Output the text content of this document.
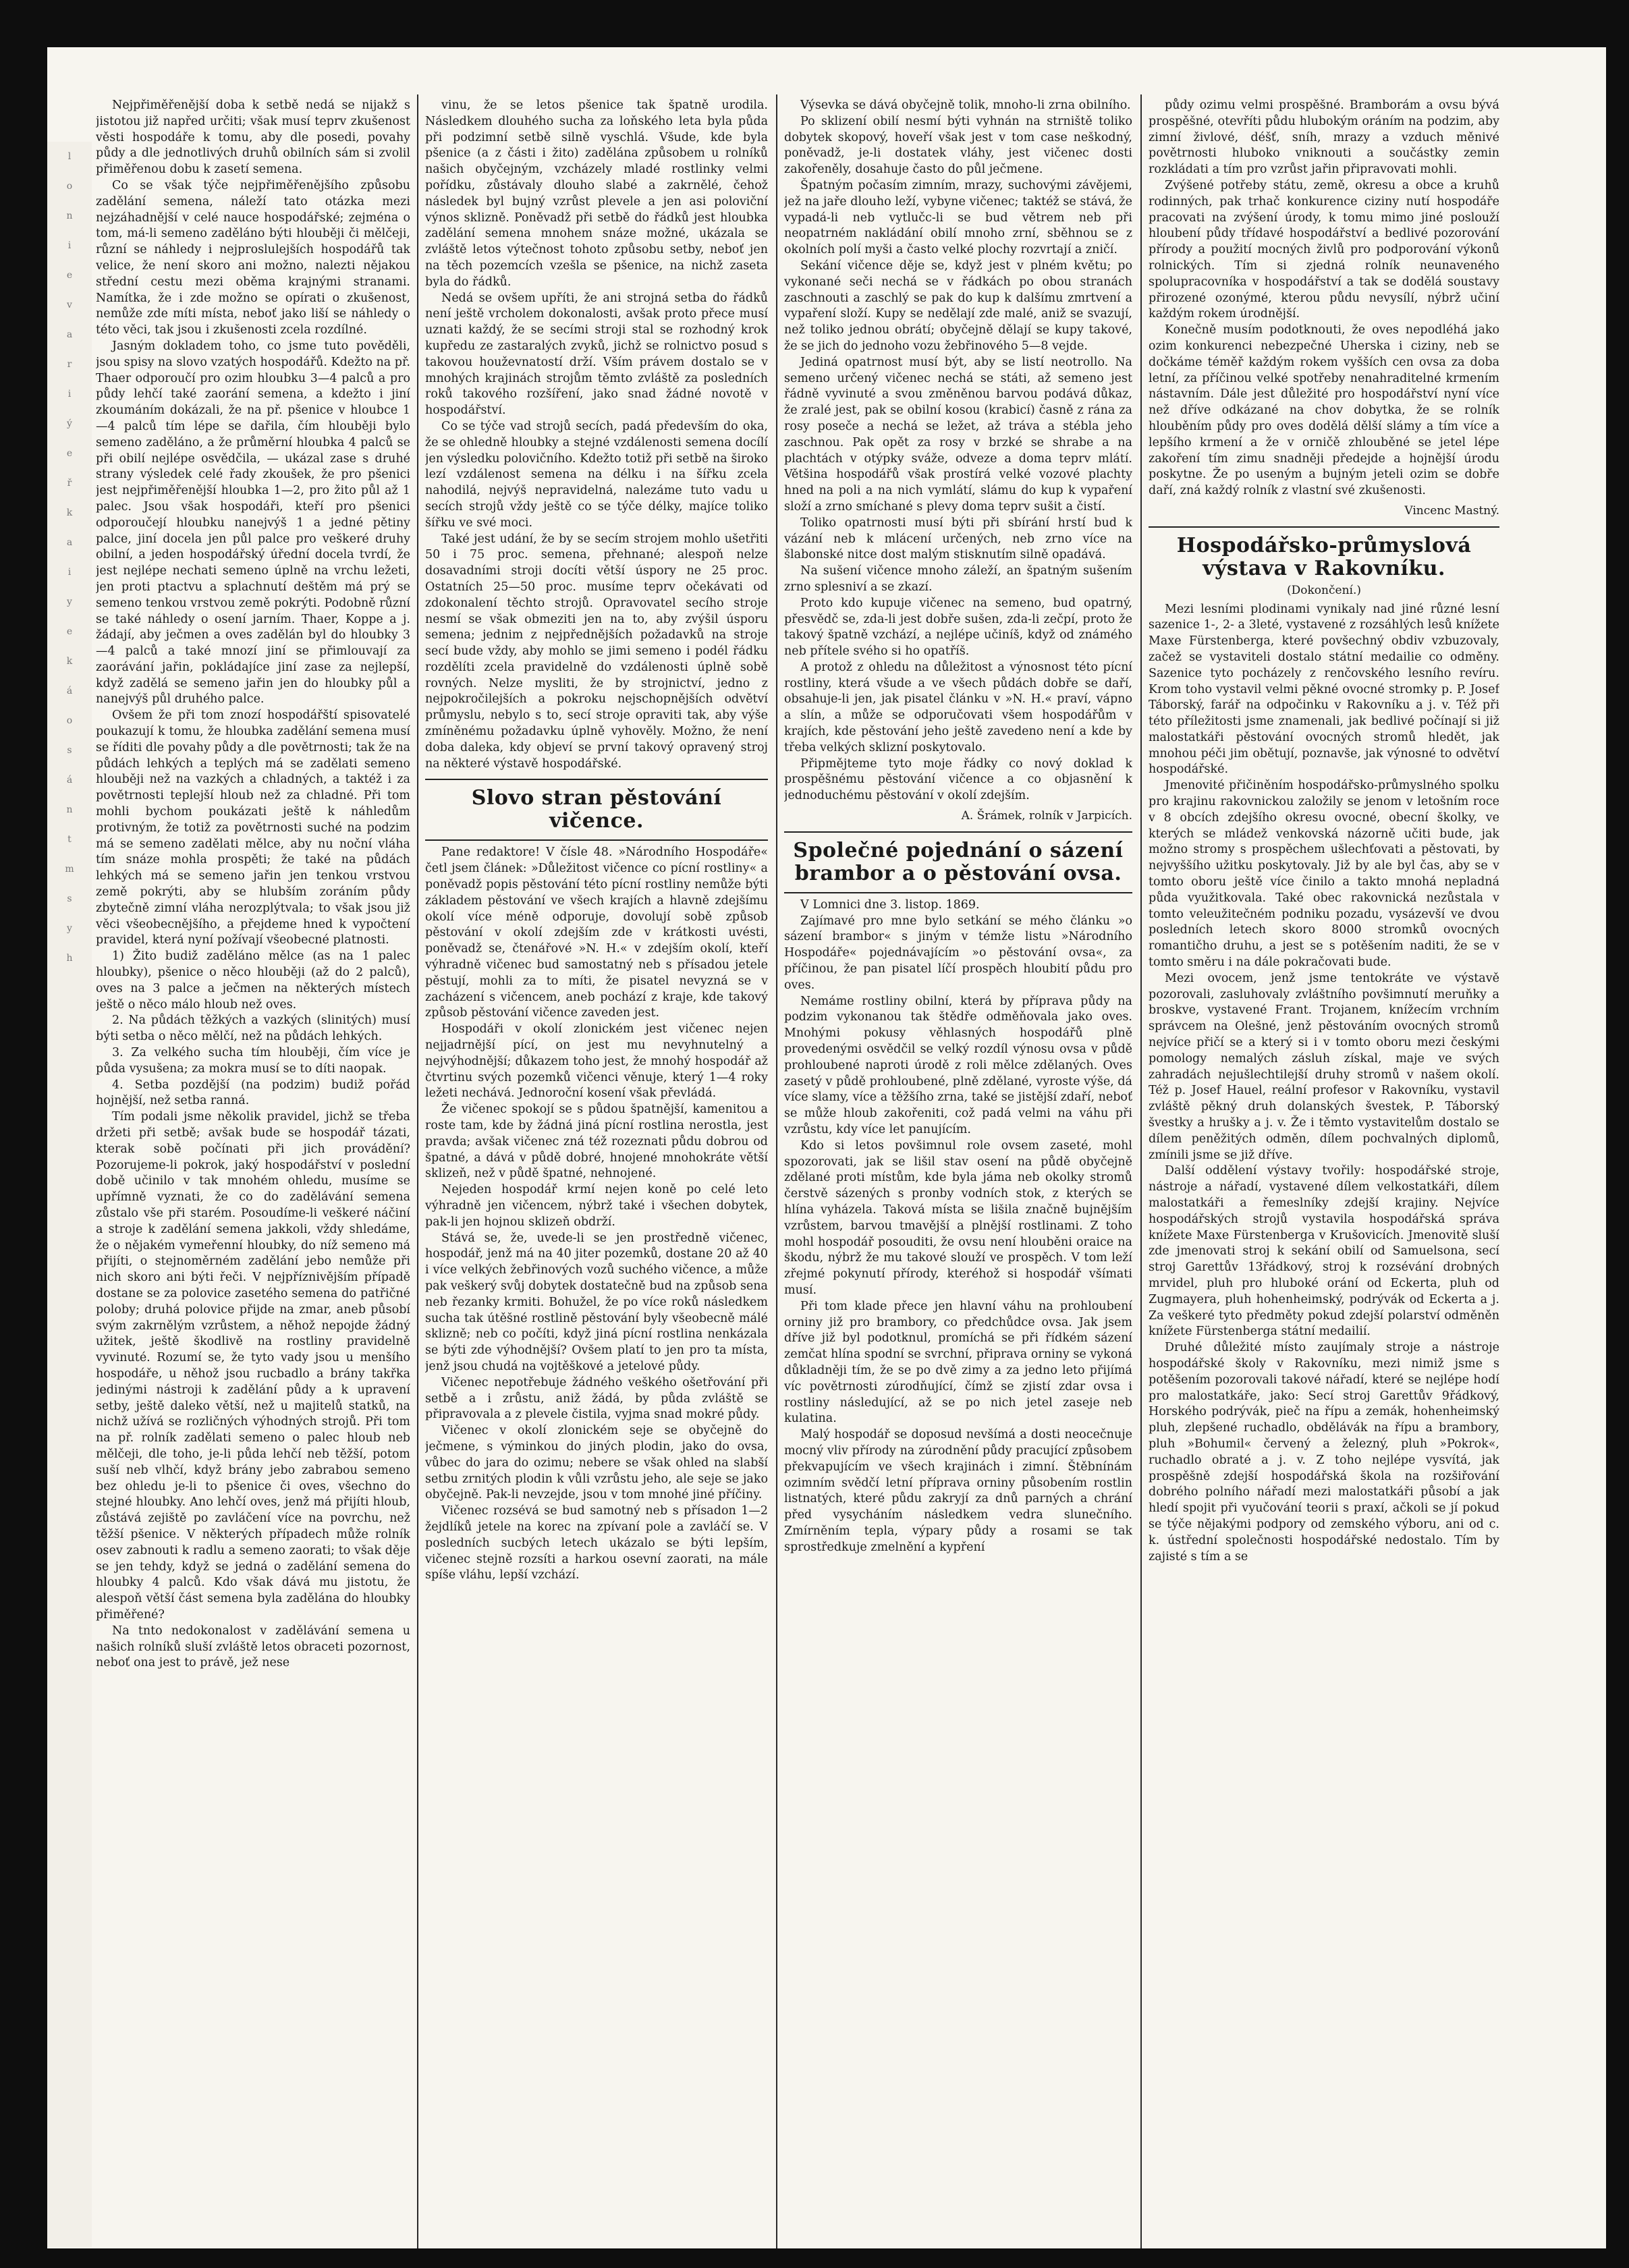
l
o
n
i
e
v
a
r
i
ý
e
ř
k
a
i
y
e
k
á
o
s
á
n
t
m
s
y
h

Nejpřiměřenější doba k setbě nedá se nijakž s jistotou již napřed určiti; však musí teprv zkušenost věsti hospodáře k tomu, aby dle posedi, povahy půdy a dle jednotlivých druhů obilních sám si zvolil přiměřenou dobu k zasetí semena.

Co se však týče nejpřiměřenějšího způsobu zadělání semena, náleží tato otázka mezi nejzáhadnější v celé nauce hospodářské; zejména o tom, má-li semeno zaděláno býti hlouběji či mělčeji, různí se náhledy i nejproslulejších hospodářů tak velice, že není skoro ani možno, nalezti nějakou střední cestu mezi oběma krajnými stranami. Namítka, že i zde možno se opírati o zkušenost, nemůže zde míti místa, neboť jako liší se náhledy o této věci, tak jsou i zkušenosti zcela rozdílné.

Jasným dokladem toho, co jsme tuto pověděli, jsou spisy na slovo vzatých hospodářů. Kdežto na př. Thaer odporoučí pro ozim hloubku 3—4 palců a pro půdy lehčí také zaorání semena, a kdežto i jiní zkoumáním dokázali, že na př. pšenice v hloubce 1—4 palců tím lépe se dařila, čím hlouběji bylo semeno zaděláno, a že průměrní hloubka 4 palců se při obilí nejlépe osvědčila, — ukázal zase s druhé strany výsledek celé řady zkoušek, že pro pšenici jest nejpřiměřenější hloubka 1—2, pro žito půl až 1 palec. Jsou však hospodáři, kteří pro pšenici odporoučejí hloubku nanejvýš 1 a jedné pětiny palce, jiní docela jen půl palce pro veškeré druhy obilní, a jeden hospodářský úřední docela tvrdí, že jest nejlépe nechati semeno úplně na vrchu ležeti, jen proti ptactvu a splachnutí deštěm má prý se semeno tenkou vrstvou země pokrýti. Podobně různí se také náhledy o osení jarním. Thaer, Koppe a j. žádají, aby ječmen a oves zadělán byl do hloubky 3—4 palců a také mnozí jiní se přimlouvají za zaorávání jařin, pokládajíce jiní zase za nejlepší, když zadělá se semeno jařin jen do hloubky půl a nanejvýš půl druhého palce.

Ovšem že při tom znozí hospodářští spisovatelé poukazují k tomu, že hloubka zadělání semena musí se říditi dle povahy půdy a dle povětrnosti; tak že na půdách lehkých a teplých má se zadělati semeno hlouběji než na vazkých a chladných, a taktéž i za povětrnosti teplejší hloub než za chladné. Při tom mohli bychom poukázati ještě k náhledům protivným, že totiž za povětrnosti suché na podzim má se semeno zadělati mělce, aby nu noční vláha tím snáze mohla prospěti; že také na půdách lehkých má se semeno jařin jen tenkou vrstvou země pokrýti, aby se hlubším zoráním půdy zbytečně zimní vláha nerozplýtvala; to však jsou již věci všeobecnějšího, a přejdeme hned k vypočtení pravidel, která nyní požívají všeobecné platnosti.

1) Žito budiž zaděláno mělce (as na 1 palec hloubky), pšenice o něco hlouběji (až do 2 palců), oves na 3 palce a ječmen na některých místech ještě o něco málo hloub než oves.

2. Na půdách těžkých a vazkých (slinitých) musí býti setba o něco mělčí, než na půdách lehkých.

3. Za velkého sucha tím hlouběji, čím více je půda vysušena; za mokra musí se to díti naopak.

4. Setba pozdější (na podzim) budiž pořád hojnější, než setba ranná.

Tím podali jsme několik pravidel, jichž se třeba držeti při setbě; avšak bude se hospodář tázati, kterak sobě počínati při jich provádění? Pozorujeme-li pokrok, jaký hospodářství v poslední době učinilo v tak mnohém ohledu, musíme se upřímně vyznati, že co do zadělávání semena zůstalo vše při starém. Posoudíme-li veškeré náčiní a stroje k zadělání semena jakkoli, vždy shledáme, že o nějakém vymeřenní hloubky, do níž semeno má přijíti, o stejnoměrném zadělání jebo nemůže při nich skoro ani býti řeči. V nejpříznivějším případě dostane se za polovice zasetého semena do patřičné poloby; druhá polovice přijde na zmar, aneb působí svým zakrnělým vzrůstem, a něhož nepojde žádný užitek, ještě škodlivě na rostliny pravidelně vyvinuté. Rozumí se, že tyto vady jsou u menšího hospodáře, u něhož jsou rucbadlo a brány takřka jedinými nástroji k zadělání půdy a k upravení setby, ještě daleko větší, než u majitelů statků, na nichž užívá se rozličných výhodných strojů. Při tom na př. rolník zadělati semeno o palec hloub neb mělčeji, dle toho, je-li půda lehčí neb těžší, potom suší neb vlhčí, když brány jebo zabrabou semeno bez ohledu je-li to pšenice či oves, všechno do stejné hloubky. Ano lehčí oves, jenž má přijíti hloub, zůstává zejiště po zavláčení více na povrchu, než těžší pšenice. V některých případech může rolník osev zabnouti k radlu a semeno zaorati; to však děje se jen tehdy, když se jedná o zadělání semena do hloubky 4 palců. Kdo však dává mu jistotu, že alespoň větší část semena byla zadělána do hloubky přiměřené?

Na tnto nedokonalost v zadělávání semena u našich rolníků sluší zvláště letos obraceti pozornost, neboť ona jest to právě, jež nese

vinu, že se letos pšenice tak špatně urodila. Následkem dlouhého sucha za loňského leta byla půda při podzimní setbě silně vyschlá. Všude, kde byla pšenice (a z části i žito) zadělána způsobem u rolníků našich obyčejným, vzcházely mladé rostlinky velmi pořídku, zůstávaly dlouho slabé a zakrnělé, čehož následek byl bujný vzrůst plevele a jen asi poloviční výnos sklizně. Poněvadž při setbě do řádků jest hloubka zadělání semena mnohem snáze možné, ukázala se zvláště letos výtečnost tohoto způsobu setby, neboť jen na těch pozemcích vzešla se pšenice, na nichž zaseta byla do řádků.

Nedá se ovšem upříti, že ani strojná setba do řádků není ještě vrcholem dokonalosti, avšak proto přece musí uznati každý, že se secími stroji stal se rozhodný krok kupředu ze zastaralých zvyků, jichž se rolnictvo posud s takovou houževnatostí drží. Vším právem dostalo se v mnohých krajinách strojům těmto zvláště za posledních roků takového rozšíření, jako snad žádné novotě v hospodářství.

Co se týče vad strojů secích, padá především do oka, že se ohledně hloubky a stejné vzdálenosti semena docílí jen výsledku polovičního. Kdežto totiž při setbě na široko lezí vzdálenost semena na délku i na šířku zcela nahodilá, nejvýš nepravidelná, nalezáme tuto vadu u secích strojů vždy ještě co se týče délky, majíce toliko šířku ve své moci.

Také jest udání, že by se secím strojem mohlo ušetřiti 50 i 75 proc. semena, přehnané; alespoň nelze dosavadními stroji docíti větší úspory ne 25 proc. Ostatních 25—50 proc. musíme teprv očekávati od zdokonalení těchto strojů. Opravovatel secího stroje nesmí se však obmeziti jen na to, aby zvýšil úsporu semena; jednim z nejpřednějších požadavků na stroje secí bude vždy, aby mohlo se jimi semeno i podél řádku rozdělíti zcela pravidelně do vzdálenosti úplně sobě rovných. Nelze mysliti, že by strojnictví, jedno z nejpokročilejších a pokroku nejschopnějších odvětví průmyslu, nebylo s to, secí stroje opraviti tak, aby výše zmíněnému požadavku úplně vyhověly. Možno, že není doba daleka, kdy objeví se první takový opravený stroj na některé výstavě hospodářské.

Slovo stran pěstování vičence.

Pane redaktore! V čísle 48. »Národního Hospodáře« četl jsem článek: »Důležitost vičence co pícní rostliny« a poněvadž popis pěstování této pícní rostliny nemůže býti základem pěstování ve všech krajích a hlavně zdejšímu okolí více méně odporuje, dovolují sobě způsob pěstování v okolí zdejším zde v krátkosti uvésti, poněvadž se, čtenářové »N. H.« v zdejším okolí, kteří výhradně vičenec bud samostatný neb s přísadou jetele pěstují, mohli za to míti, že pisatel nevyzná se v zacházení s vičencem, aneb pochází z kraje, kde takový způsob pěstování vičence zaveden jest.

Hospodáři v okolí zlonickém jest vičenec nejen nejjadrnější pící, on jest mu nevyhnutelný a nejvýhodnější; důkazem toho jest, že mnohý hospodář až čtvrtinu svých pozemků vičenci věnuje, který 1—4 roky ležeti nechává. Jednoroční kosení však převládá.

Že vičenec spokojí se s půdou špatnější, kamenitou a roste tam, kde by žádná jiná pícní rostlina nerostla, jest pravda; avšak vičenec zná též rozeznati půdu dobrou od špatné, a dává v půdě dobré, hnojené mnohokráte větší sklizeň, než v půdě špatné, nehnojené.

Nejeden hospodář krmí nejen koně po celé leto výhradně jen vičencem, nýbrž také i všechen dobytek, pak-li jen hojnou sklizeň obdrží.

Stává se, že, uvede-li se jen prostředně vičenec, hospodář, jenž má na 40 jiter pozemků, dostane 20 až 40 i více velkých žebřinových vozů suchého vičence, a může pak veškerý svůj dobytek dostatečně bud na způsob sena neb řezanky krmiti. Bohužel, že po více roků následkem sucha tak útěšné rostlině pěstování byly všeobecně málé sklizně; neb co počíti, když jiná pícní rostlina nenkázala se býti zde výhodnější? Ovšem platí to jen pro ta místa, jenž jsou chudá na vojtěškové a jetelové půdy.

Vičenec nepotřebuje žádného veškého ošetřování při setbě a i zrůstu, aniž žádá, by půda zvláště se připravovala a z plevele čistila, vyjma snad mokré půdy.

Vičenec v okolí zlonickém seje se obyčejně do ječmene, s výminkou do jiných plodin, jako do ovsa, vůbec do jara do ozimu; nebere se však ohled na slabší setbu zrnitých plodin k vůli vzrůstu jeho, ale seje se jako obyčejně. Pak-li nevzejde, jsou v tom mnohé jiné příčiny.

Vičenec rozsévá se bud samotný neb s přísadon 1—2 žejdlíků jetele na korec na zpívaní pole a zavláčí se. V posledních sucbých letech ukázalo se býti lepším, vičenec stejně rozsíti a harkou osevní zaorati, na mále spíše vláhu, lepší vzchází.

Výsevka se dává obyčejně tolik, mnoho-li zrna obilního.

Po sklizení obilí nesmí býti vyhnán na strniště toliko dobytek skopový, hoveří však jest v tom case neškodný, poněvadž, je-li dostatek vláhy, jest vičenec dosti zakořeněly, dosahuje často do půl ječmene.

Špatným počasím zimním, mrazy, suchovými závějemi, jež na jaře dlouho leží, vybyne vičenec; taktéž se stává, že vypadá-li neb vytlučc-li se bud větrem neb při neopatrném nakládání obilí mnoho zrní, sběhnou se z okolních polí myši a často velké plochy rozvrtají a zničí.

Sekání vičence děje se, když jest v plném květu; po vykonané seči nechá se v řádkách po obou stranách zaschnouti a zaschlý se pak do kup k dalšímu zmrtvení a vypaření složí. Kupy se nedělají zde malé, aniž se svazují, než toliko jednou obrátí; obyčejně dělají se kupy takové, že se jich do jednoho vozu žebřinového 5—8 vejde.

Jediná opatrnost musí být, aby se listí neotrollo. Na semeno určený vičenec nechá se státi, až semeno jest řádně vyvinuté a svou změněnou barvou podává důkaz, že zralé jest, pak se obilní kosou (krabicí) časně z rána za rosy poseče a nechá se ležet, až tráva a stébla jeho zaschnou. Pak opět za rosy v brzké se shrabe a na plachtách v otýpky sváže, odveze a doma teprv mlátí. Většina hospodářů však prostírá velké vozové plachty hned na poli a na nich vymlátí, slámu do kup k vypaření složí a zrno smíchané s plevy doma teprv sušit a čistí.

Toliko opatrnosti musí býti při sbírání hrstí bud k vázání neb k mlácení určených, neb zrno více na šlabonské nitce dost malým stisknutím silně opadává.

Na sušení vičence mnoho záleží, an špatným sušením zrno splesniví a se zkazí.

Proto kdo kupuje vičenec na semeno, bud opatrný, přesvědč se, zda-li jest dobře sušen, zda-li zečpí, proto že takový špatně vzchází, a nejlépe učiníš, když od známého neb přítele svého si ho opatříš.

A protož z ohledu na důležitost a výnosnost této pícní rostliny, která všude a ve všech půdách dobře se daří, obsahuje-li jen, jak pisatel článku v »N. H.« praví, vápno a slín, a může se odporučovati všem hospodářům v krajích, kde pěstování jeho ještě zavedeno není a kde by třeba velkých sklizní poskytovalo.

Připmějteme tyto moje řádky co nový doklad k prospěšnému pěstování vičence a co objasnění k jednoduchému pěstování v okolí zdejším.

A. Šrámek, rolník v Jarpicích.

Společné pojednání o sázení brambor a o pěstování ovsa.

V Lomnici dne 3. listop. 1869.

Zajímavé pro mne bylo setkání se mého článku »o sázení brambor« s jiným v témže listu »Národního Hospodáře« pojednávajícím »o pěstování ovsa«, za příčinou, že pan pisatel líčí prospěch hloubití půdu pro oves.

Nemáme rostliny obilní, která by příprava půdy na podzim vykonanou tak štědře odměňovala jako oves. Mnohými pokusy věhlasných hospodářů plně provedenými osvědčil se velký rozdíl výnosu ovsa v půdě prohloubené naproti úrodě z roli mělce zdělaných. Oves zasetý v půdě prohloubené, plně zdělané, vyroste výše, dá více slamy, více a těžšího zrna, také se jistější zdaří, neboť se může hloub zakořeniti, což padá velmi na váhu při vzrůstu, kdy více let panujícím.

Kdo si letos povšimnul role ovsem zaseté, mohl spozorovati, jak se lišil stav osení na půdě obyčejně zdělané proti místům, kde byla jáma neb okolky stromů čerstvě sázených s pronby vodních stok, z kterých se hlína vyházela. Taková místa se lišila značně bujnějším vzrůstem, barvou tmavější a plnější rostlinami. Z toho mohl hospodář posouditi, že ovsu není hlouběni oraice na škodu, nýbrž že mu takové slouží ve prospěch. V tom leží zřejmé pokynutí přírody, kteréhož si hospodář všímati musí.

Při tom klade přece jen hlavní váhu na prohloubení orniny již pro brambory, co předchůdce ovsa. Jak jsem dříve již byl podotknul, promíchá se při řídkém sázení zemčat hlína spodní se svrchní, připrava orniny se vykoná důkladněji tím, že se po dvě zimy a za jedno leto přijímá víc povětrnosti zúrodňující, čímž se zjistí zdar ovsa i rostliny následující, až se po nich jetel zaseje neb kulatina.

Malý hospodář se doposud nevšímá a dosti neocečnuje mocný vliv přírody na zúrodnění půdy pracující způsobem překvapujícím ve všech krajinách i zimní. Štěbnínám ozimním svědčí letní příprava orniny působením rostlin listnatých, které půdu zakryjí za dnů parných a chrání před vysycháním následkem vedra slunečního. Zmírněním tepla, výpary půdy a rosami se tak sprostředkuje zmelnění a kypření

půdy ozimu velmi prospěšné. Bramborám a ovsu bývá prospěšné, otevříti půdu hlubokým oráním na podzim, aby zimní živlové, déšť, sníh, mrazy a vzduch měnivé povětrnosti hluboko vniknouti a součástky zemin rozkládati a tím pro vzrůst jařin připravovati mohli.

Zvýšené potřeby státu, země, okresu a obce a kruhů rodinných, pak trhač konkurence ciziny nutí hospodáře pracovati na zvýšení úrody, k tomu mimo jiné poslouží hloubení půdy třídavé hospodářství a bedlivé pozorování přírody a použití mocných živlů pro podporování výkonů rolnických. Tím si zjedná rolník neunaveného spolupracovníka v hospodářství a tak se dodělá soustavy přirozené ozonýmé, kterou půdu nevysílí, nýbrž učiní každým rokem úrodnější.

Konečně musím podotknouti, že oves nepodléhá jako ozim konkurenci nebezpečné Uherska i ciziny, neb se dočkáme téměř každým rokem vyšších cen ovsa za doba letní, za příčinou velké spotřeby nenahraditelné krmením nástavním. Dále jest důležité pro hospodářství nyní více než dříve odkázané na chov dobytka, že se rolník hlouběním půdy pro oves dodělá dělší slámy a tím více a lepšího krmení a že v orničě zhlouběné se jetel lépe zakoření tím zimu snadněji předejde a hojnější úrodu poskytne. Že po useným a bujným jeteli ozim se dobře daří, zná každý rolník z vlastní své zkušenosti.

Vincenc Mastný.

Hospodářsko-průmyslová výstava v Rakovníku.

(Dokončení.)

Mezi lesními plodinami vynikaly nad jiné různé lesní sazenice 1-, 2- a 3leté, vystavené z rozsáhlých lesů knížete Maxe Fürstenberga, které povšechný obdiv vzbuzovaly, začež se vystaviteli dostalo státní medailie co odměny. Sazenice tyto pocházely z renčovského lesního revíru. Krom toho vystavil velmi pěkné ovocné stromky p. P. Josef Táborský, farář na odpočinku v Rakovníku a j. v. Též při této příležitosti jsme znamenali, jak bedlivé počínají si již malostatkáři pěstování ovocných stromů hledět, jak mnohou péči jim obětují, poznavše, jak výnosné to odvětví hospodářské.

Jmenovité přičiněním hospodářsko-průmyslného spolku pro krajinu rakovnickou založily se jenom v letošním roce v 8 obcích zdejšího okresu ovocné, obecní školky, ve kterých se mládež venkovská názorně učiti bude, jak možno stromy s prospěchem ušlechťovati a pěstovati, by nejvyššího užitku poskytovaly. Již by ale byl čas, aby se v tomto oboru ještě více činilo a takto mnohá nepladná půda využitkovala. Také obec rakovnická nezůstala v tomto veleužitečném podniku pozadu, vysázevší ve dvou posledních letech skoro 8000 stromků ovocných romantičho druhu, a jest se s potěšením naditi, že se v tomto směru i na dále pokračovati bude.

Mezi ovocem, jenž jsme tentokráte ve výstavě pozorovali, zasluhovaly zvláštního povšimnutí meruňky a broskve, vystavené Frant. Trojanem, knížecím vrchním správcem na Olešné, jenž pěstováním ovocných stromů nejvíce přičí se a který si i v tomto oboru mezi českými pomology nemalých zásluh získal, maje ve svých zahradách nejušlechtilejší druhy stromů v našem okolí. Též p. Josef Hauel, reální profesor v Rakovníku, vystavil zvláště pěkný druh dolanských švestek, P. Táborský švestky a hrušky a j. v. Že i těmto vystavitelům dostalo se dílem peněžitých odměn, dílem pochvalných diplomů, zmínili jsme se již dříve.

Další oddělení výstavy tvořily: hospodářské stroje, nástroje a nářadí, vystavené dílem velkostatkáři, dílem malostatkáři a řemeslníky zdejší krajiny. Nejvíce hospodářských strojů vystavila hospodářská správa knížete Maxe Fürstenberga v Krušovicích. Jmenovitě sluší zde jmenovati stroj k sekání obilí od Samuelsona, secí stroj Garettův 13řádkový, stroj k rozsévání drobných mrvidel, pluh pro hluboké orání od Eckerta, pluh od Zugmayera, pluh hohenheimský, podrývák od Eckerta a j. Za veškeré tyto předměty pokud zdejší polarství odměněn knížete Fürstenberga státní medailií.

Druhé důležité místo zaujímaly stroje a nástroje hospodářské školy v Rakovníku, mezi nimiž jsme s potěšením pozorovali takové nářadí, které se nejlépe hodí pro malostatkáře, jako: Secí stroj Garettův 9řádkový, Horského podrývák, pieč na řípu a zemák, hohenheimský pluh, zlepšené ruchadlo, obdělávák na řípu a brambory, pluh »Bohumil« červený a železný, pluh »Pokrok«, ruchadlo obraté a j. v. Z toho nejlépe vysvítá, jak prospěšně zdejší hospodářská škola na rozšiřování dobrého polního nářadí mezi malostatkáři působí a jak hledí spojit při vyučování teorii s praxí, ačkoli se jí pokud se týče nějakými podpory od zemského výboru, ani od c. k. ústřední společnosti hospodářské nedostalo. Tím by zajisté s tím a se
